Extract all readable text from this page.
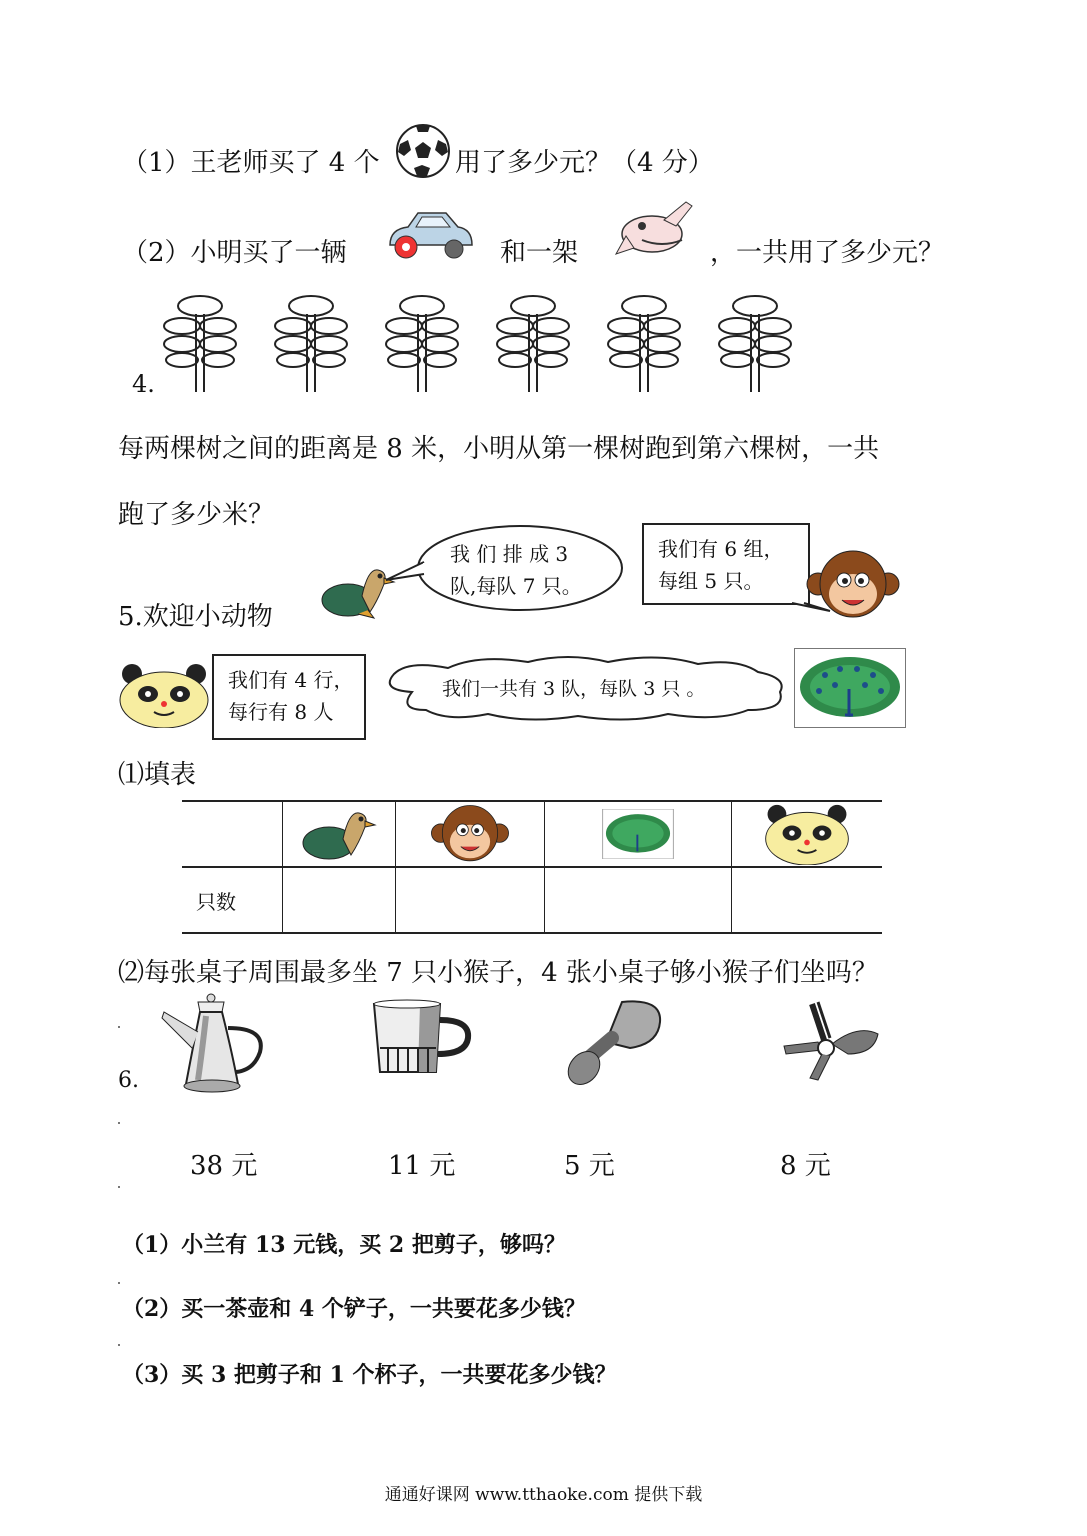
（1）王老师买了 4 个	用了多少元？（4 分）
（2）小明买了一辆	和一架	，一共用了多少元？
4.
每两棵树之间的距离是 8 米，小明从第一棵树跑到第六棵树，一共
跑了多少米？
5.欢迎小动物
我 们 排 成 3
队,每队 7 只。
我们有 6 组，
每组 5 只。
我们有 4 行，
每行有 8 人
我们一共有 3 队，每队 3 只 。
⑴填表

只数				
⑵每张桌子周围最多坐 7 只小猴子，4 张小桌子够小猴子们坐吗？
6.
38 元	11 元	5 元	8 元
（1）小兰有 13 元钱，买 2 把剪子，够吗？
（2）买一茶壶和 4 个铲子，一共要花多少钱？
（3）买 3 把剪子和 1 个杯子，一共要花多少钱？
通通好课网 www.tthaoke.com 提供下载
